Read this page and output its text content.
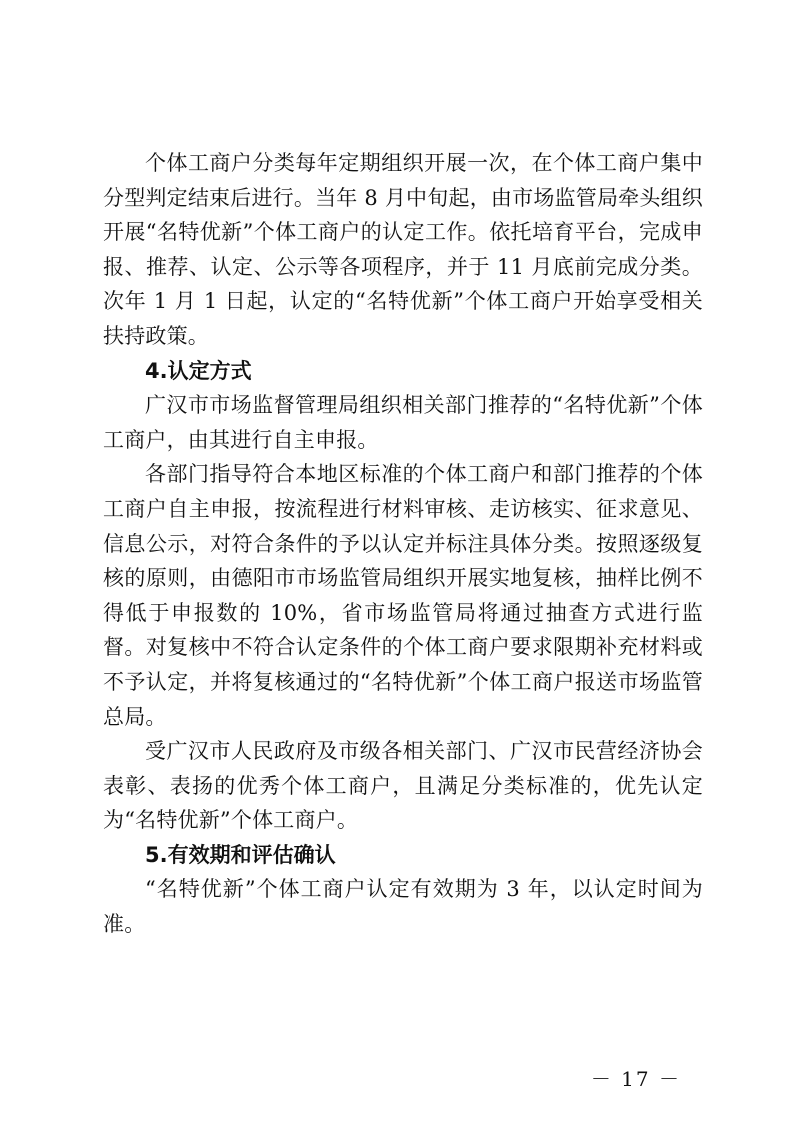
个体工商户分类每年定期组织开展一次，在个体工商户集中分型判定结束后进行。当年 8 月中旬起，由市场监管局牵头组织开展“名特优新”个体工商户的认定工作。依托培育平台，完成申报、推荐、认定、公示等各项程序，并于 11 月底前完成分类。次年 1 月 1 日起，认定的“名特优新”个体工商户开始享受相关扶持政策。

4.认定方式

广汉市市场监督管理局组织相关部门推荐的“名特优新”个体工商户，由其进行自主申报。

各部门指导符合本地区标准的个体工商户和部门推荐的个体工商户自主申报，按流程进行材料审核、走访核实、征求意见、信息公示，对符合条件的予以认定并标注具体分类。按照逐级复核的原则，由德阳市市场监管局组织开展实地复核，抽样比例不得低于申报数的 10%，省市场监管局将通过抽查方式进行监督。对复核中不符合认定条件的个体工商户要求限期补充材料或不予认定，并将复核通过的“名特优新”个体工商户报送市场监管总局。

受广汉市人民政府及市级各相关部门、广汉市民营经济协会表彰、表扬的优秀个体工商户，且满足分类标准的，优先认定为“名特优新”个体工商户。

5.有效期和评估确认

“名特优新”个体工商户认定有效期为 3 年，以认定时间为准。

－ 17 －
